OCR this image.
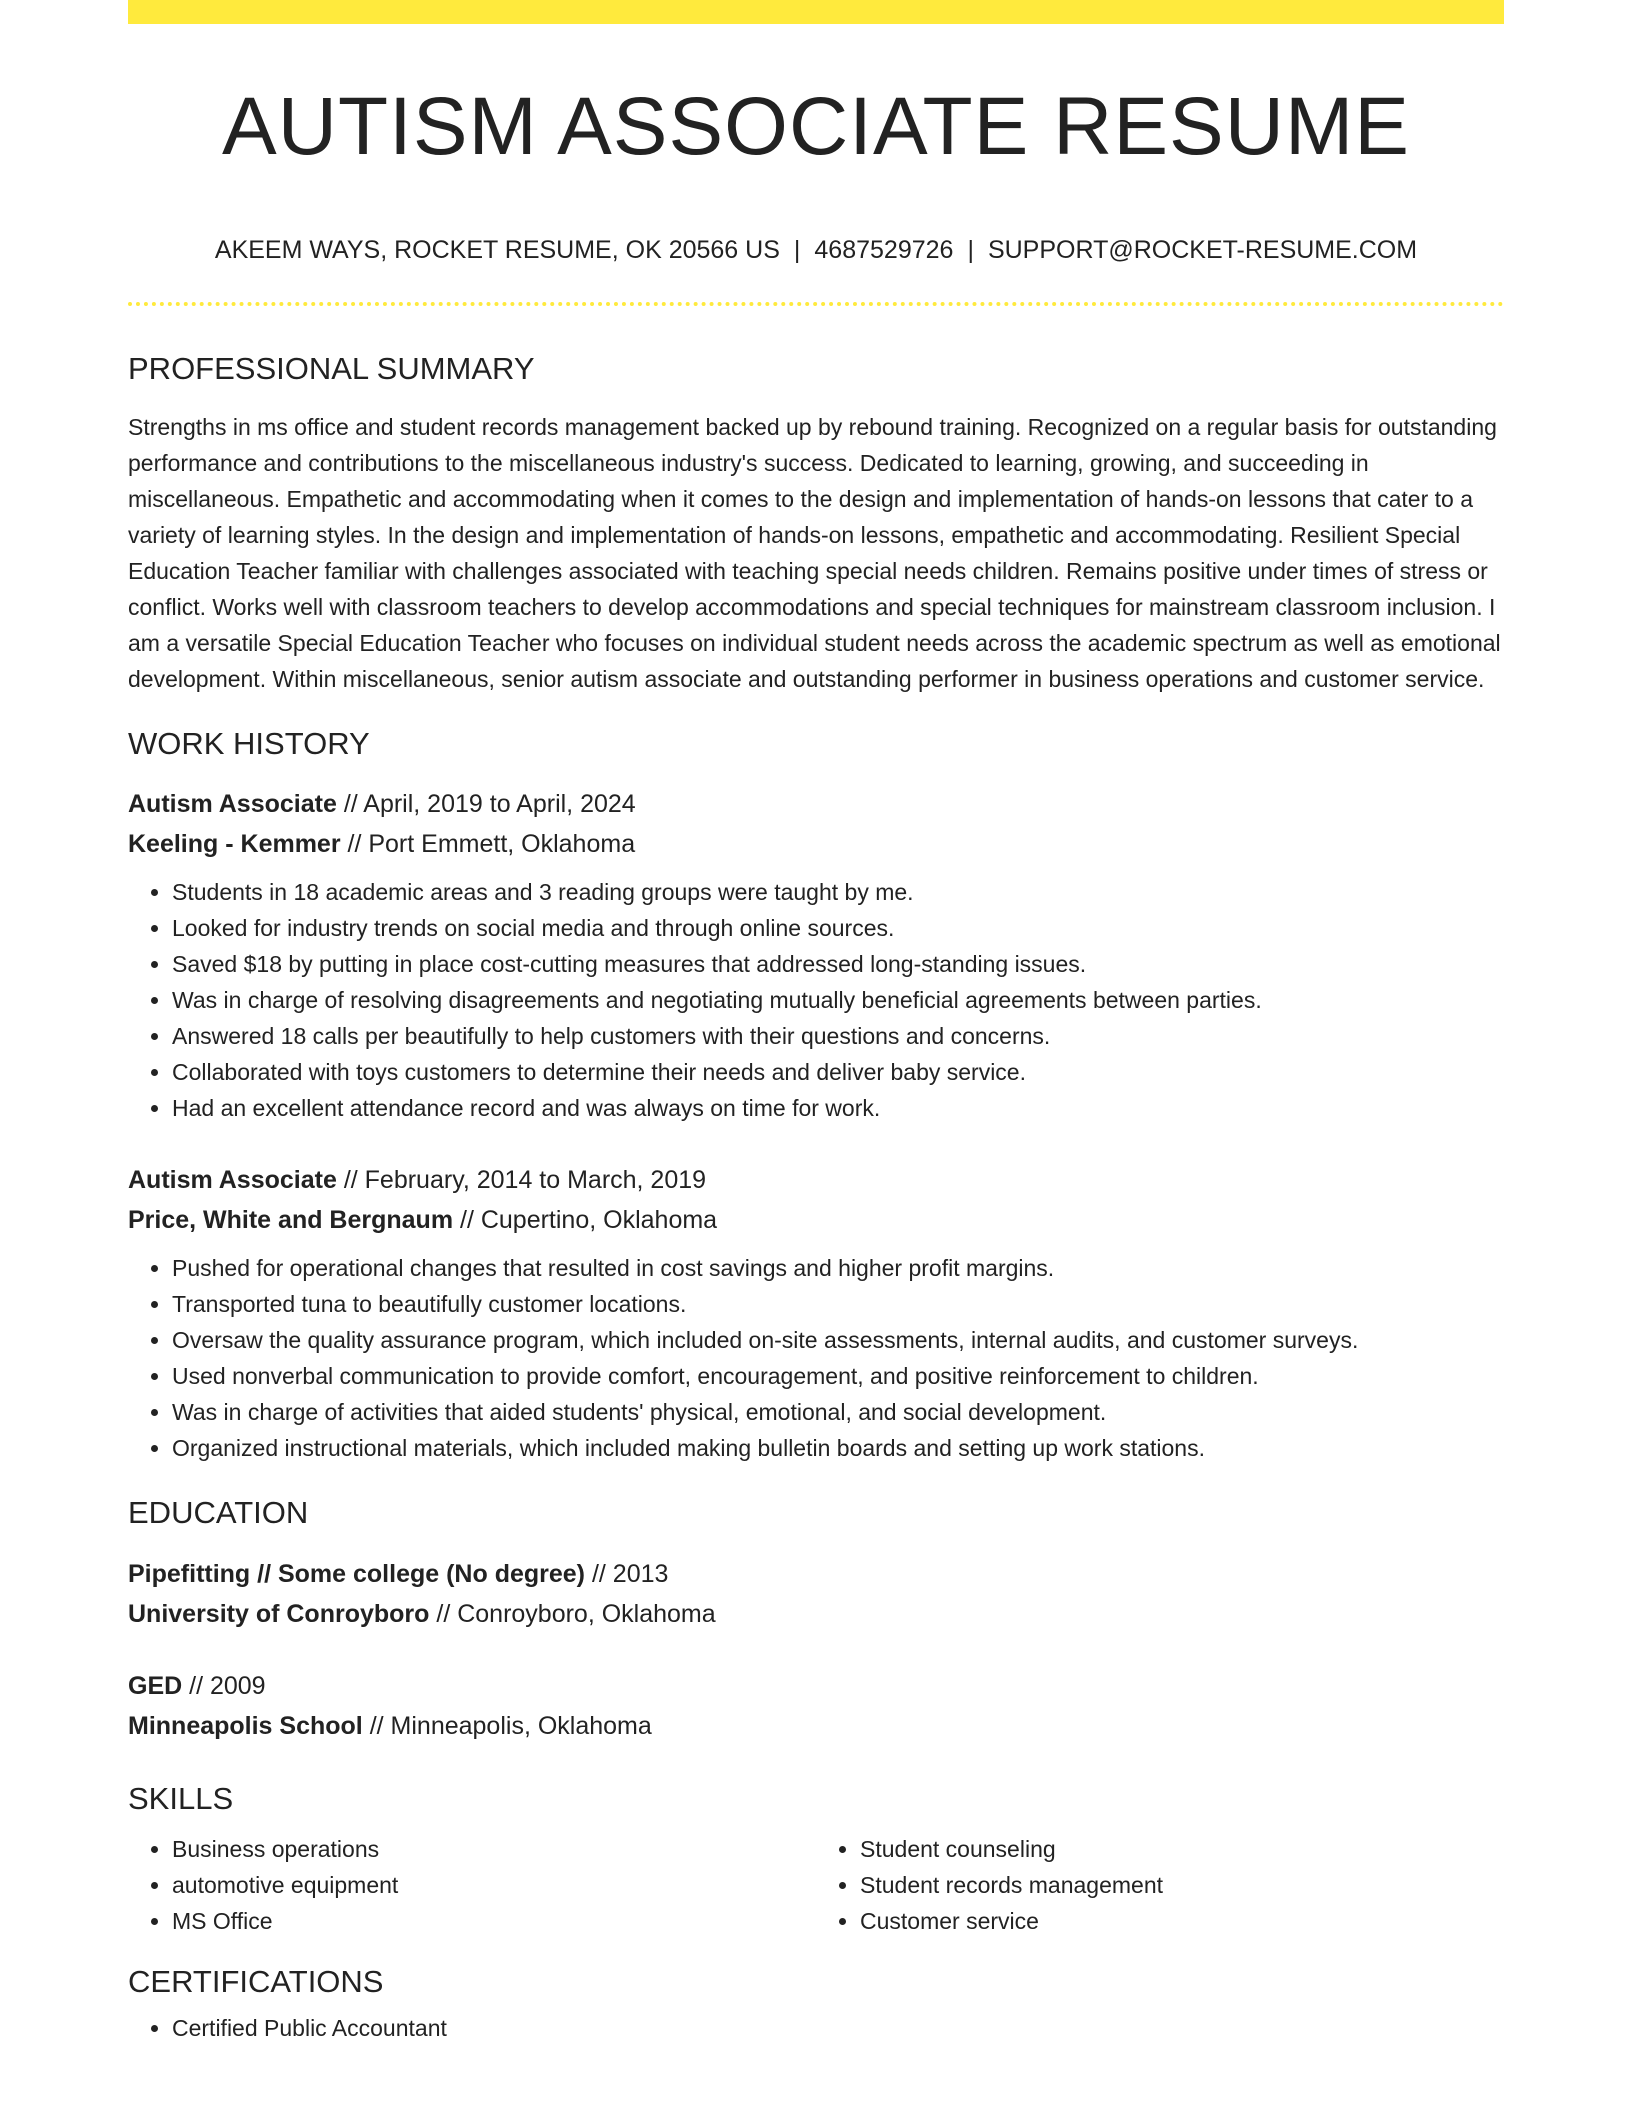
AUTISM ASSOCIATE RESUME
AKEEM WAYS, ROCKET RESUME, OK 20566 US | 4687529726 | SUPPORT@ROCKET-RESUME.COM
PROFESSIONAL SUMMARY

Strengths in ms office and student records management backed up by rebound training. Recognized on a regular basis for outstanding performance and contributions to the miscellaneous industry's success. Dedicated to learning, growing, and succeeding in miscellaneous. Empathetic and accommodating when it comes to the design and implementation of hands-on lessons that cater to a variety of learning styles. In the design and implementation of hands-on lessons, empathetic and accommodating. Resilient Special Education Teacher familiar with challenges associated with teaching special needs children. Remains positive under times of stress or conflict. Works well with classroom teachers to develop accommodations and special techniques for mainstream classroom inclusion. I am a versatile Special Education Teacher who focuses on individual student needs across the academic spectrum as well as emotional development. Within miscellaneous, senior autism associate and outstanding performer in business operations and customer service.

WORK HISTORY
Autism Associate // April, 2019 to April, 2024
Keeling - Kemmer // Port Emmett, Oklahoma
• Students in 18 academic areas and 3 reading groups were taught by me.
• Looked for industry trends on social media and through online sources.
• Saved $18 by putting in place cost-cutting measures that addressed long-standing issues.
• Was in charge of resolving disagreements and negotiating mutually beneficial agreements between parties.
• Answered 18 calls per beautifully to help customers with their questions and concerns.
• Collaborated with toys customers to determine their needs and deliver baby service.
• Had an excellent attendance record and was always on time for work.
Autism Associate // February, 2014 to March, 2019
Price, White and Bergnaum // Cupertino, Oklahoma
• Pushed for operational changes that resulted in cost savings and higher profit margins.
• Transported tuna to beautifully customer locations.
• Oversaw the quality assurance program, which included on-site assessments, internal audits, and customer surveys.
• Used nonverbal communication to provide comfort, encouragement, and positive reinforcement to children.
• Was in charge of activities that aided students' physical, emotional, and social development.
• Organized instructional materials, which included making bulletin boards and setting up work stations.
EDUCATION
Pipefitting // Some college (No degree) // 2013
University of Conroyboro // Conroyboro, Oklahoma
GED // 2009
Minneapolis School // Minneapolis, Oklahoma
SKILLS
• Business operations
• automotive equipment
• MS Office
• Student counseling
• Student records management
• Customer service
CERTIFICATIONS
• Certified Public Accountant
